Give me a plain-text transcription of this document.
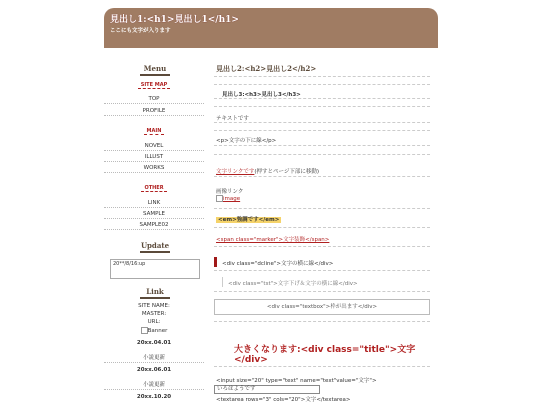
見出し1:<h1>見出し1</h1>
ここにも文字が入ります
Menu
SITE MAP
TOP
PROFILE
MAIN
NOVEL
ILLUST
WORKS
OTHER
LINK
SAMPLE
SAMPLE02
Update
20**/8/16:up
Link
SITE NAME:
MASTER:
URL:
Banner
20xx.04.01
小説更新
20xx.06.01
小説更新
20xx.10.20
見出し2:<h2>見出し2</h2>
見出し3:<h3>見出し3</h3>
テキストです
<p>文字の下に線</p>
文字リンクです(押すとページ下部に移動)
画像リンク
image
<em>強調です</em>
<span class="marker">文字装飾</span>
<div class="dcline">文字の横に線</div>
<div class="tst">文字下げ＆文字の横に線</div>
<div class="textbox">枠が出ます</div>
大きくなります:<div class="title">文字</div>
<input size="20" type="text" name="text"value="文字">
いろはようです
<textarea rows="3" cols="20">文字</textarea>
